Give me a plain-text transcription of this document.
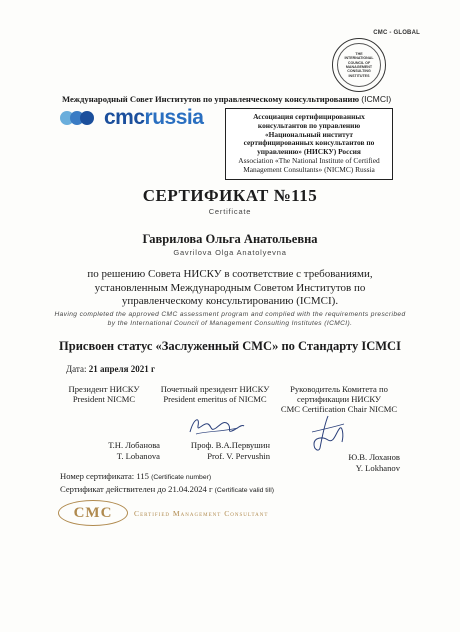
CMC - GLOBAL
THE
INTERNATIONAL
COUNCIL OF
MANAGEMENT
CONSULTING
INSTITUTES
Международный Совет Институтов по управленческому консультированию (ICMCI)
cmcrussia	Ассоциация сертифицированных консультантов по управлению «Национальный институт сертифицированных консультантов по управлению» (НИСКУ) Россия
Association «The National Institute of Certified Management Consultants» (NICMC) Russia
СЕРТИФИКАТ №115
Certificate
Гаврилова Ольга Анатольевна
Gavrilova Olga Anatolyevna
по решению Совета НИСКУ в соответствие с требованиями, установленным Международным Советом Институтов по управленческому консультированию (ICMCI).
Having completed the approved CMC assessment program and complied with the requirements prescribed by the International Council of Management Consulting Institutes (ICMCI).
Присвоен статус «Заслуженный CMC» по Стандарту ICMCI
Дата: 21 апреля 2021 г
Президент НИСКУ
President NICMC
Т.Н. Лобанова
T. Lobanova
Почетный президент НИСКУ
President emeritus of NICMC
Проф. В.А.Первушин
Prof. V. Pervushin
Руководитель Комитета по сертификации НИСКУ
CMC Certification Chair NICMC
Ю.В. Лоханов
Y. Lokhanov
Номер сертификата: 115 (Certificate number)
Сертификат действителен до 21.04.2024 г (Certificate valid till)
CMC	Certified Management Consultant
